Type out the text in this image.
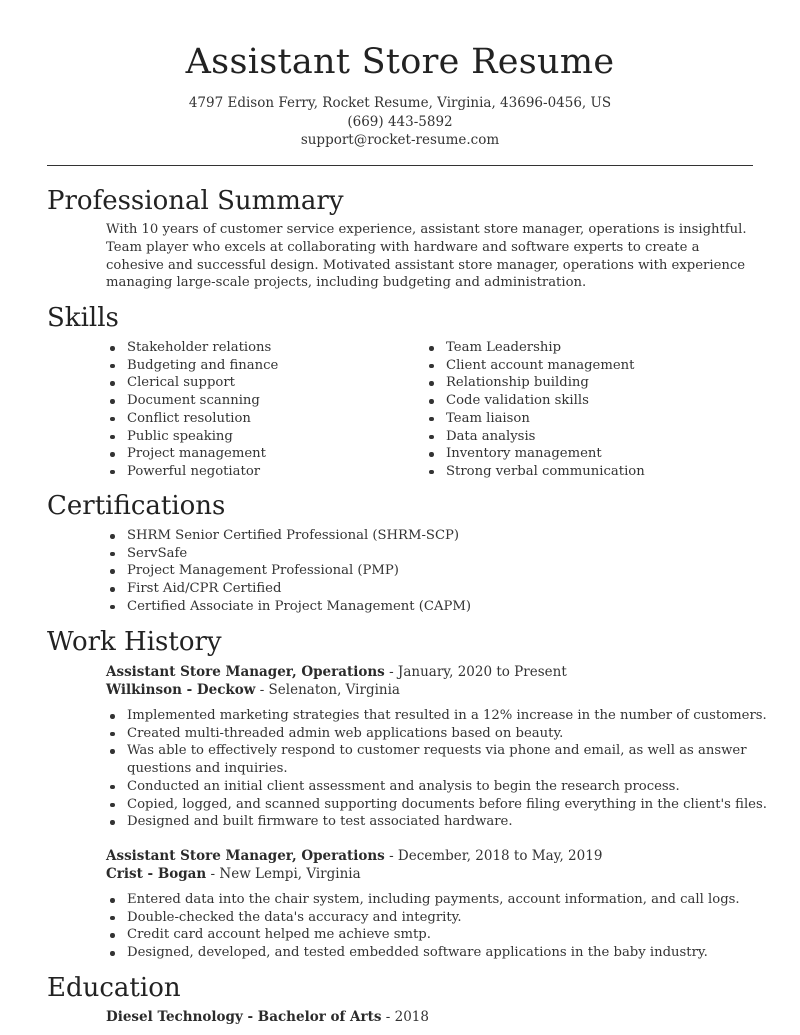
Assistant Store Resume
4797 Edison Ferry, Rocket Resume, Virginia, 43696-0456, US
(669) 443-5892
support@rocket-resume.com
Professional Summary
With 10 years of customer service experience, assistant store manager, operations is insightful. Team player who excels at collaborating with hardware and software experts to create a cohesive and successful design. Motivated assistant store manager, operations with experience managing large-scale projects, including budgeting and administration.
Skills
Stakeholder relations
Budgeting and finance
Clerical support
Document scanning
Conflict resolution
Public speaking
Project management
Powerful negotiator
Team Leadership
Client account management
Relationship building
Code validation skills
Team liaison
Data analysis
Inventory management
Strong verbal communication
Certifications
SHRM Senior Certified Professional (SHRM-SCP)
ServSafe
Project Management Professional (PMP)
First Aid/CPR Certified
Certified Associate in Project Management (CAPM)
Work History
Assistant Store Manager, Operations - January, 2020 to Present
Wilkinson - Deckow - Selenaton, Virginia
Implemented marketing strategies that resulted in a 12% increase in the number of customers.
Created multi-threaded admin web applications based on beauty.
Was able to effectively respond to customer requests via phone and email, as well as answer questions and inquiries.
Conducted an initial client assessment and analysis to begin the research process.
Copied, logged, and scanned supporting documents before filing everything in the client's files.
Designed and built firmware to test associated hardware.
Assistant Store Manager, Operations - December, 2018 to May, 2019
Crist - Bogan - New Lempi, Virginia
Entered data into the chair system, including payments, account information, and call logs.
Double-checked the data's accuracy and integrity.
Credit card account helped me achieve smtp.
Designed, developed, and tested embedded software applications in the baby industry.
Education
Diesel Technology - Bachelor of Arts - 2018
